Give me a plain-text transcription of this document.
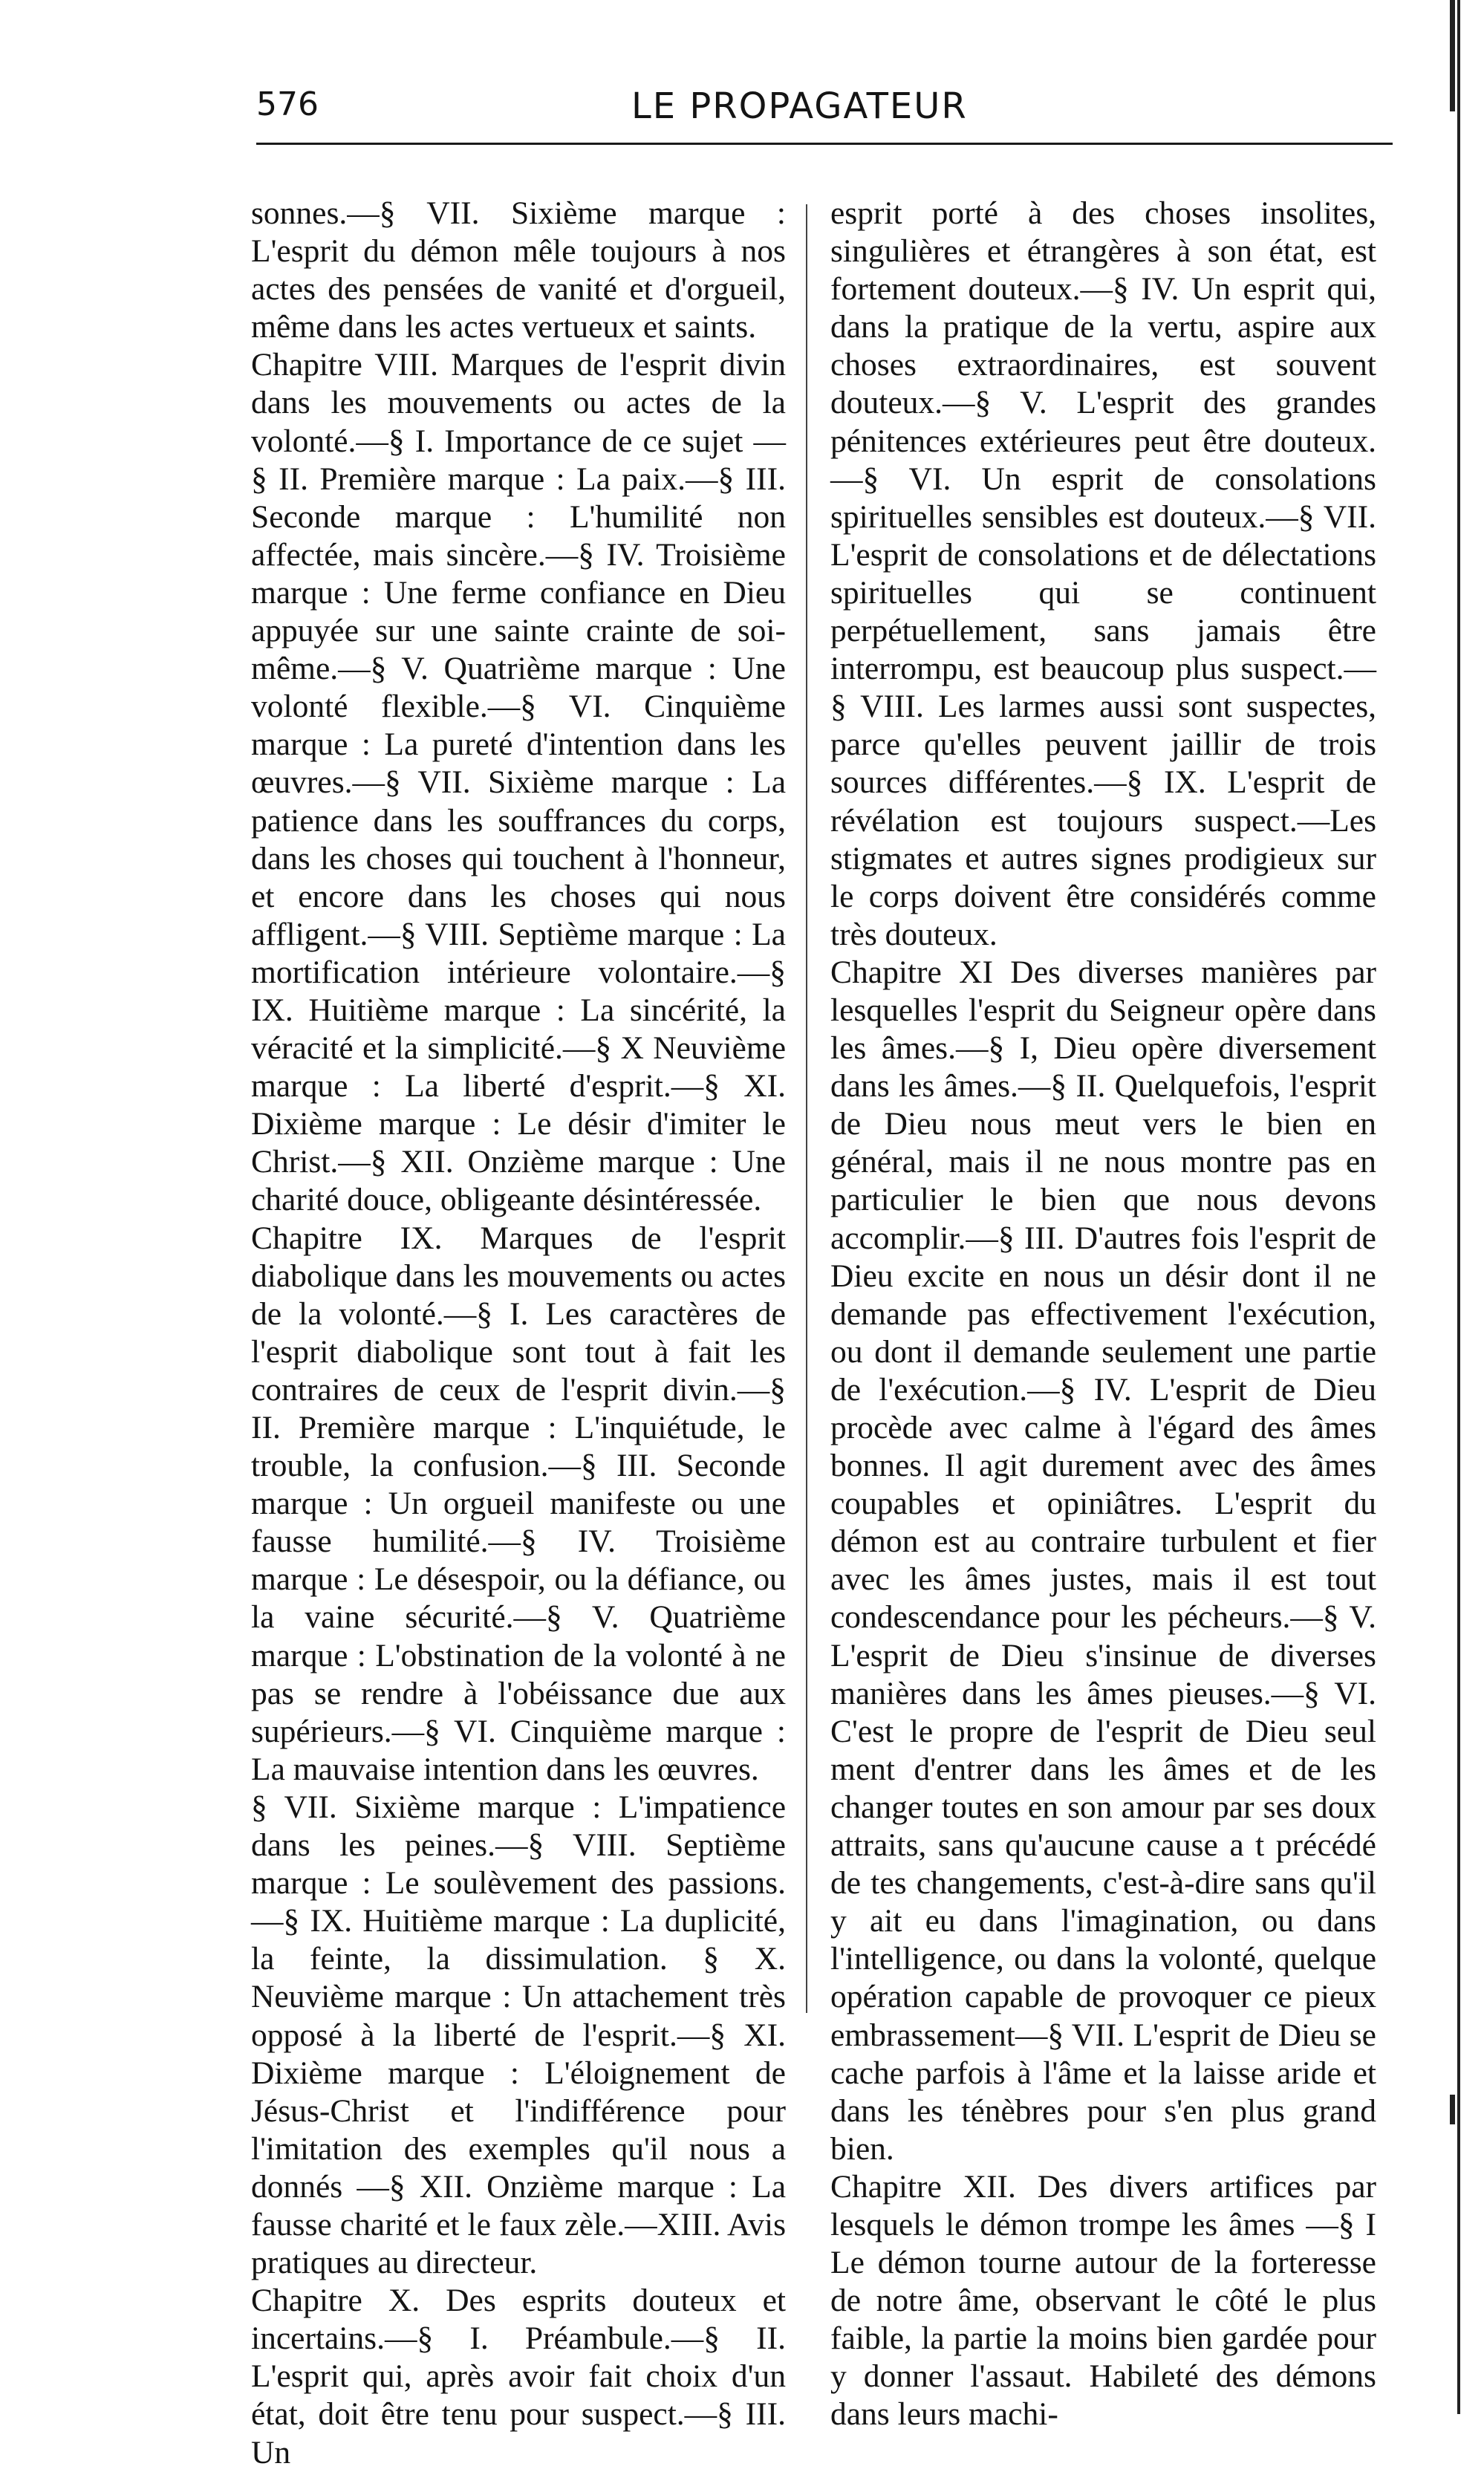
576	LE PROPAGATEUR
sonnes.—§ VII. Sixième marque : L'esprit du démon mêle toujours à nos actes des pensées de vanité et d'orgueil, même dans les actes vertueux et saints.
Chapitre VIII. Marques de l'esprit divin dans les mouvements ou actes de la volonté.—§ I. Importance de ce sujet —§ II. Première marque : La paix.—§ III. Seconde marque : L'humilité non affectée, mais sincère.—§ IV. Troisième marque : Une ferme confiance en Dieu appuyée sur une sainte crainte de soi-même.—§ V. Quatrième marque : Une volonté flexible.—§ VI. Cinquième marque : La pureté d'intention dans les œuvres.—§ VII. Sixième marque : La patience dans les souffrances du corps, dans les choses qui touchent à l'honneur, et encore dans les choses qui nous affligent.—§ VIII. Septième marque : La mortification intérieure volontaire.—§ IX. Huitième marque : La sincérité, la véracité et la simplicité.—§ X Neuvième marque : La liberté d'esprit.—§ XI. Dixième marque : Le désir d'imiter le Christ.—§ XII. Onzième marque : Une charité douce, obligeante désintéressée.
Chapitre IX. Marques de l'esprit diabolique dans les mouvements ou actes de la volonté.—§ I. Les caractères de l'esprit diabolique sont tout à fait les contraires de ceux de l'esprit divin.—§ II. Première marque : L'inquiétude, le trouble, la confusion.—§ III. Seconde marque : Un orgueil manifeste ou une fausse humilité.—§ IV. Troisième marque : Le désespoir, ou la défiance, ou la vaine sécurité.—§ V. Quatrième marque : L'obstination de la volonté à ne pas se rendre à l'obéissance due aux supérieurs.—§ VI. Cinquième marque : La mauvaise intention dans les œuvres.
§ VII. Sixième marque : L'impatience dans les peines.—§ VIII. Septième marque : Le soulèvement des passions.—§ IX. Huitième marque : La duplicité, la feinte, la dissimulation. § X. Neuvième marque : Un attachement très opposé à la liberté de l'esprit.—§ XI. Dixième marque : L'éloignement de Jésus-Christ et l'indifférence pour l'imitation des exemples qu'il nous a donnés —§ XII. Onzième marque : La fausse charité et le faux zèle.—XIII. Avis pratiques au directeur.
Chapitre X. Des esprits douteux et incertains.—§ I. Préambule.—§ II. L'esprit qui, après avoir fait choix d'un état, doit être tenu pour suspect.—§ III. Un
esprit porté à des choses insolites, singulières et étrangères à son état, est fortement douteux.—§ IV. Un esprit qui, dans la pratique de la vertu, aspire aux choses extraordinaires, est souvent douteux.—§ V. L'esprit des grandes pénitences extérieures peut être douteux.—§ VI. Un esprit de consolations spirituelles sensibles est douteux.—§ VII. L'esprit de consolations et de délectations spirituelles qui se continuent perpétuellement, sans jamais être interrompu, est beaucoup plus suspect.—§ VIII. Les larmes aussi sont suspectes, parce qu'elles peuvent jaillir de trois sources différentes.—§ IX. L'esprit de révélation est toujours suspect.—Les stigmates et autres signes prodigieux sur le corps doivent être considérés comme très douteux.
Chapitre XI Des diverses manières par lesquelles l'esprit du Seigneur opère dans les âmes.—§ I, Dieu opère diversement dans les âmes.—§ II. Quelquefois, l'esprit de Dieu nous meut vers le bien en général, mais il ne nous montre pas en particulier le bien que nous devons accomplir.—§ III. D'autres fois l'esprit de Dieu excite en nous un désir dont il ne demande pas effectivement l'exécution, ou dont il demande seulement une partie de l'exécution.—§ IV. L'esprit de Dieu procède avec calme à l'égard des âmes bonnes. Il agit durement avec des âmes coupables et opiniâtres. L'esprit du démon est au contraire turbulent et fier avec les âmes justes, mais il est tout condescendance pour les pécheurs.—§ V. L'esprit de Dieu s'insinue de diverses manières dans les âmes pieuses.—§ VI. C'est le propre de l'esprit de Dieu seul ment d'entrer dans les âmes et de les changer toutes en son amour par ses doux attraits, sans qu'aucune cause a t précédé de tes changements, c'est-à-dire sans qu'il y ait eu dans l'imagination, ou dans l'intelligence, ou dans la volonté, quelque opération capable de provoquer ce pieux embrassement—§ VII. L'esprit de Dieu se cache parfois à l'âme et la laisse aride et dans les ténèbres pour s'en plus grand bien.
Chapitre XII. Des divers artifices par lesquels le démon trompe les âmes —§ I Le démon tourne autour de la forteresse de notre âme, observant le côté le plus faible, la partie la moins bien gardée pour y donner l'assaut. Habileté des démons dans leurs machi-
